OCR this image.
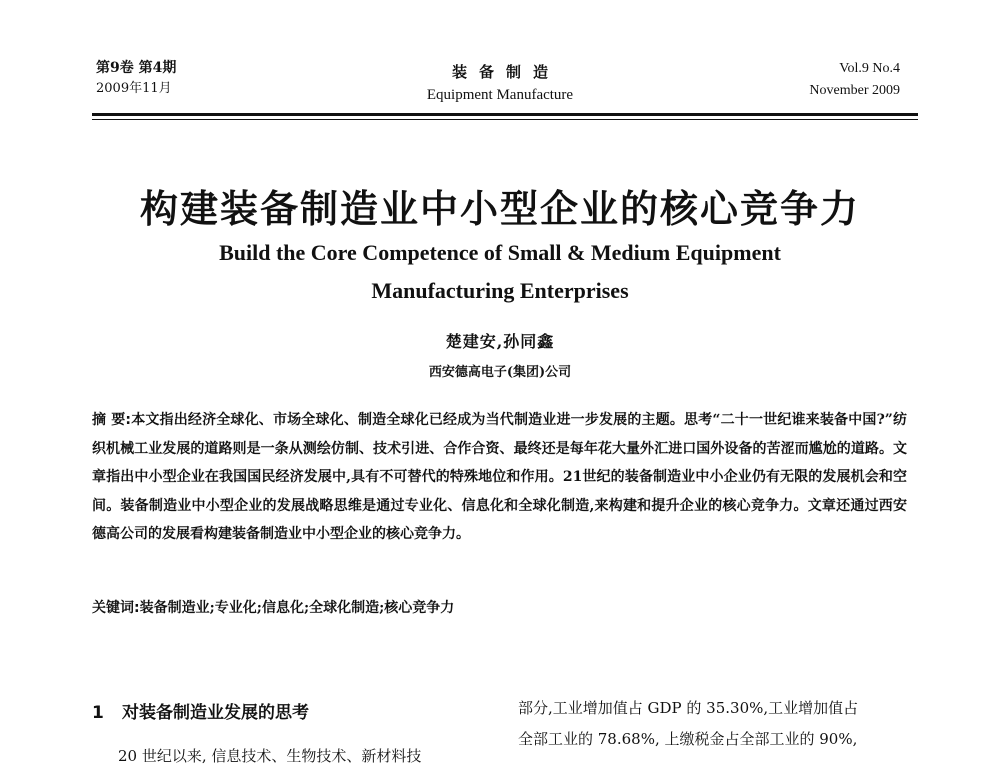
第9卷 第4期
2009年11月
装备制造
Equipment Manufacture
Vol.9 No.4
November 2009
构建装备制造业中小型企业的核心竞争力
Build the Core Competence of Small & Medium Equipment
Manufacturing Enterprises
楚建安,孙同鑫
西安德高电子(集团)公司
摘 要:本文指出经济全球化、市场全球化、制造全球化已经成为当代制造业进一步发展的主题。思考“二十一世纪谁来装备中国?”纺织机械工业发展的道路则是一条从测绘仿制、技术引进、合作合资、最终还是每年花大量外汇进口国外设备的苦涩而尴尬的道路。文章指出中小型企业在我国国民经济发展中,具有不可替代的特殊地位和作用。21世纪的装备制造业中小企业仍有无限的发展机会和空间。装备制造业中小型企业的发展战略思维是通过专业化、信息化和全球化制造,来构建和提升企业的核心竞争力。文章还通过西安德高公司的发展看构建装备制造业中小型企业的核心竞争力。
关键词:装备制造业;专业化;信息化;全球化制造;核心竞争力
1 对装备制造业发展的思考
20 世纪以来, 信息技术、生物技术、新材料技
部分,工业增加值占 GDP 的 35.30%,工业增加值占
全部工业的 78.68%, 上缴税金占全部工业的 90%,
